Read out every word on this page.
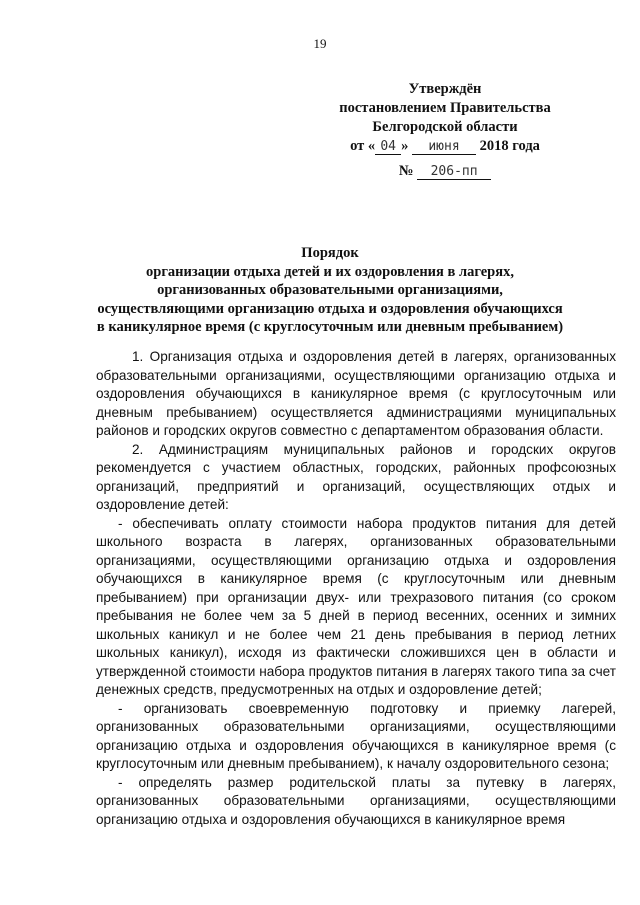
19
Утверждён
постановлением Правительства
Белгородской области
от « 04 » июня 2018 года
№ 206-пп
Порядок
организации отдыха детей и их оздоровления в лагерях,
организованных образовательными организациями,
осуществляющими организацию отдыха и оздоровления обучающихся
в каникулярное время (с круглосуточным или дневным пребыванием)

1. Организация отдыха и оздоровления детей в лагерях, организованных образовательными организациями, осуществляющими организацию отдыха и оздоровления обучающихся в каникулярное время (с круглосуточным или дневным пребыванием) осуществляется администрациями муниципальных районов и городских округов совместно с департаментом образования области.

2. Администрациям муниципальных районов и городских округов рекомендуется с участием областных, городских, районных профсоюзных организаций, предприятий и организаций, осуществляющих отдых и оздоровление детей:

- обеспечивать оплату стоимости набора продуктов питания для детей школьного возраста в лагерях, организованных образовательными организациями, осуществляющими организацию отдыха и оздоровления обучающихся в каникулярное время (с круглосуточным или дневным пребыванием) при организации двух- или трехразового питания (со сроком пребывания не более чем за 5 дней в период весенних, осенних и зимних школьных каникул и не более чем 21 день пребывания в период летних школьных каникул), исходя из фактически сложившихся цен в области и утвержденной стоимости набора продуктов питания в лагерях такого типа за счет денежных средств, предусмотренных на отдых и оздоровление детей;

- организовать своевременную подготовку и приемку лагерей, организованных образовательными организациями, осуществляющими организацию отдыха и оздоровления обучающихся в каникулярное время (с круглосуточным или дневным пребыванием), к началу оздоровительного сезона;

- определять размер родительской платы за путевку в лагерях, организованных образовательными организациями, осуществляющими организацию отдыха и оздоровления обучающихся в каникулярное время
